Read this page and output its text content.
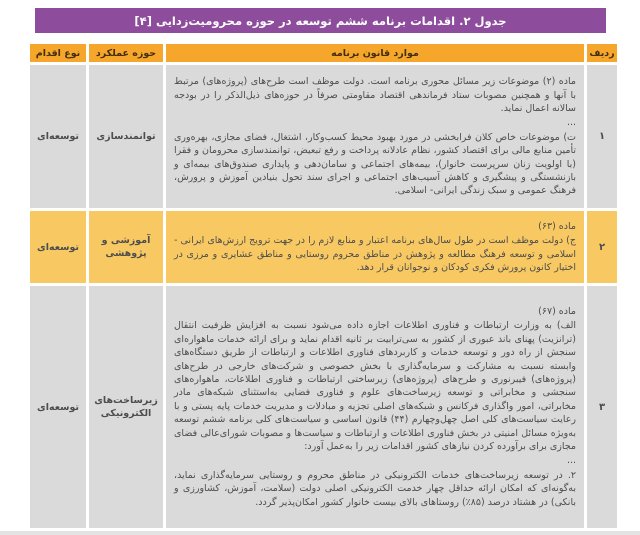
جدول ۲. اقدامات برنامه ششم توسعه در حوزه محرومیت‌زدایی [۴]
ردیف
موارد قانون برنامه
حوزه عملکرد
نوع اقدام
۱

ماده (۲) موضوعات زیر مسائل محوری برنامه است. دولت موظف است طرح‌های (پروژه‌های) مرتبط با آنها و همچنین مصوبات ستاد فرماندهی اقتصاد مقاومتی صرفاً در حوزه‌های ذیل‌الذکر را در بودجه سالانه اعمال نماید.

...

ت) موضوعات خاص کلان فرابخشی در مورد بهبود محیط کسب‌وکار، اشتغال، فضای مجازی، بهره‌وری تأمین منابع مالی برای اقتصاد کشور، نظام عادلانه پرداخت و رفع تبعیض، توانمندسازی محرومان و فقرا (با اولویت زنان سرپرست خانوار)، بیمه‌های اجتماعی و سامان‌دهی و پایداری صندوق‌های بیمه‌ای و بازنشستگی و پیشگیری و کاهش آسیب‌های اجتماعی و اجرای سند تحول بنیادین آموزش و پرورش، فرهنگ عمومی و سبک زندگی ایرانی- اسلامی.

توانمندسازی
توسعه‌ای
۲

ماده (۶۳)

ج) دولت موظف است در طول سال‌های برنامه اعتبار و منابع لازم را در جهت ترویج ارزش‌های ایرانی - اسلامی و توسعه فرهنگ مطالعه و پژوهش در مناطق محروم روستایی و مناطق عشایری و مرزی در اختیار کانون پرورش فکری کودکان و نوجوانان قرار دهد.

آموزشی و پژوهشی
توسعه‌ای
۳

ماده (۶۷)

الف) به وزارت ارتباطات و فناوری اطلاعات اجازه داده می‌شود نسبت به افزایش ظرفیت انتقال (ترانزیت) پهنای باند عبوری از کشور به سی‌ترابیت بر ثانیه اقدام نماید و برای ارائه خدمات ماهواره‌ای سنجش از راه دور و توسعه خدمات و کاربردهای فناوری اطلاعات و ارتباطات از طریق دستگاه‌های وابسته نسبت به مشارکت و سرمایه‌گذاری با بخش خصوصی و شرکت‌های خارجی در طرح‌های (پروژه‌های) فیبرنوری و طرح‌های (پروژه‌های) زیرساختی ارتباطات و فناوری اطلاعات، ماهواره‌های سنجشی و مخابراتی و توسعه زیرساخت‌های علوم و فناوری فضایی به‌استثنای شبکه‌های مادر مخابراتی، امور واگذاری فرکانس و شبکه‌های اصلی تجزیه و مبادلات و مدیریت خدمات پایه پستی و با رعایت سیاست‌های کلی اصل چهل‌وچهارم (۴۴) قانون اساسی و سیاست‌های کلی برنامه ششم توسعه به‌ویژه مسائل امنیتی در بخش فناوری اطلاعات و ارتباطات و سیاست‌ها و مصوبات شورای‌عالی فضای مجازی برای برآورده کردن نیازهای کشور اقدامات زیر را به‌عمل آورد:

...

۲. در توسعه زیرساخت‌های خدمات الکترونیکی در مناطق محروم و روستایی سرمایه‌گذاری نماید، به‌گونه‌ای که امکان ارائه حداقل چهار خدمت الکترونیکی اصلی دولت (سلامت، آموزش، کشاورزی و بانکی) در هشتاد درصد (۸۵٪) روستاهای بالای بیست خانوار کشور امکان‌پذیر گردد.

زیرساخت‌های الکترونیکی
توسعه‌ای
